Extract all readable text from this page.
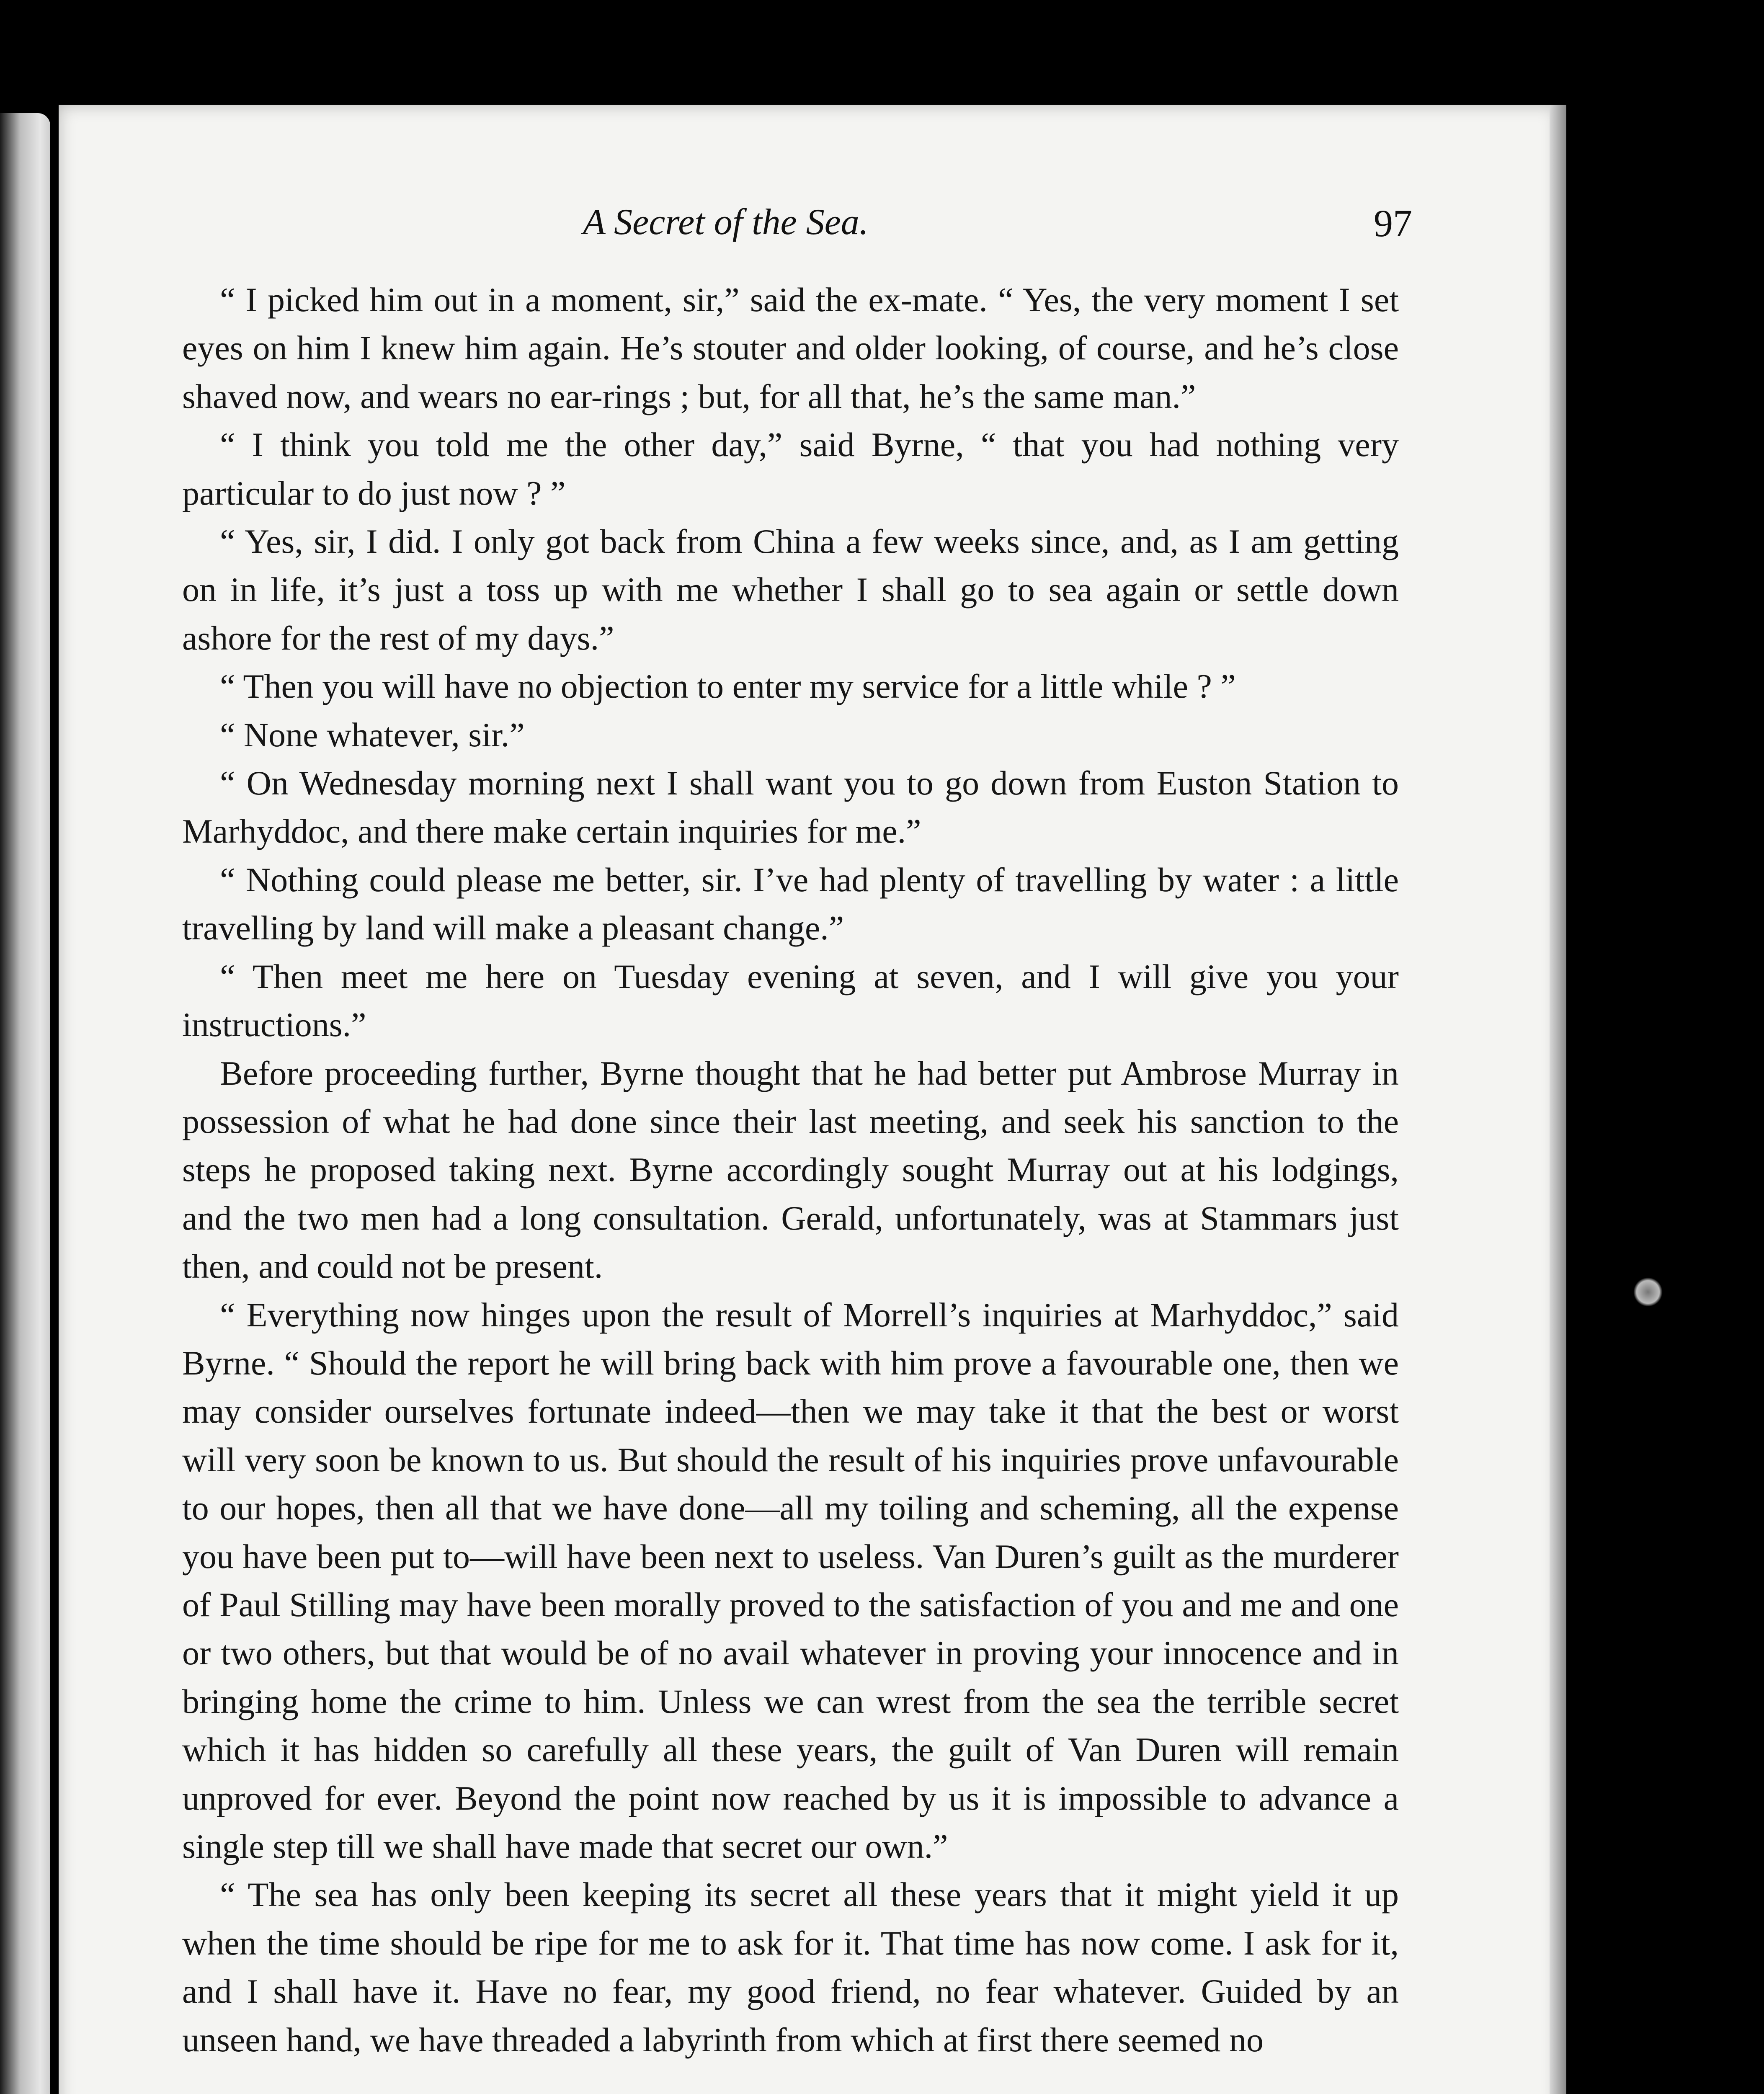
A Secret of the Sea.	97

“ I picked him out in a moment, sir,” said the ex-mate. “ Yes, the very moment I set eyes on him I knew him again. He’s stouter and older looking, of course, and he’s close shaved now, and wears no ear-rings ; but, for all that, he’s the same man.”

“ I think you told me the other day,” said Byrne, “ that you had nothing very particular to do just now ? ”

“ Yes, sir, I did. I only got back from China a few weeks since, and, as I am getting on in life, it’s just a toss up with me whether I shall go to sea again or settle down ashore for the rest of my days.”

“ Then you will have no objection to enter my service for a little while ? ”

“ None whatever, sir.”

“ On Wednesday morning next I shall want you to go down from Euston Station to Marhyddoc, and there make certain inquiries for me.”

“ Nothing could please me better, sir. I’ve had plenty of travelling by water : a little travelling by land will make a pleasant change.”

“ Then meet me here on Tuesday evening at seven, and I will give you your instructions.”

Before proceeding further, Byrne thought that he had better put Ambrose Murray in possession of what he had done since their last meeting, and seek his sanction to the steps he proposed taking next. Byrne accordingly sought Murray out at his lodgings, and the two men had a long consultation. Gerald, unfortunately, was at Stammars just then, and could not be present.

“ Everything now hinges upon the result of Morrell’s inquiries at Marhyddoc,” said Byrne. “ Should the report he will bring back with him prove a favourable one, then we may consider ourselves fortunate indeed—then we may take it that the best or worst will very soon be known to us. But should the result of his inquiries prove unfavourable to our hopes, then all that we have done—all my toiling and scheming, all the expense you have been put to—will have been next to useless. Van Duren’s guilt as the murderer of Paul Stilling may have been morally proved to the satisfaction of you and me and one or two others, but that would be of no avail whatever in proving your innocence and in bringing home the crime to him. Unless we can wrest from the sea the terrible secret which it has hidden so carefully all these years, the guilt of Van Duren will remain unproved for ever. Beyond the point now reached by us it is impossible to advance a single step till we shall have made that secret our own.”

“ The sea has only been keeping its secret all these years that it might yield it up when the time should be ripe for me to ask for it. That time has now come. I ask for it, and I shall have it. Have no fear, my good friend, no fear whatever. Guided by an unseen hand, we have threaded a labyrinth from which at first there seemed no
